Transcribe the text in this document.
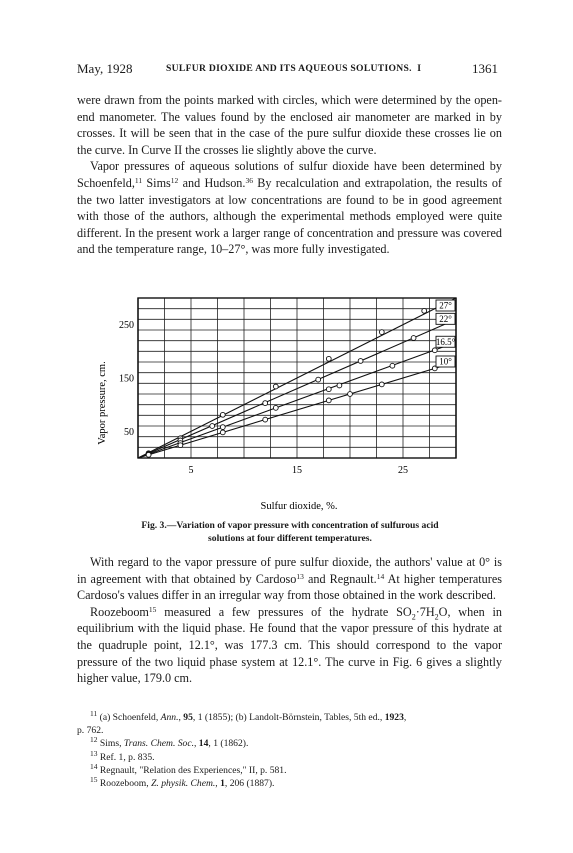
May, 1928	SULFUR DIOXIDE AND ITS AQUEOUS SOLUTIONS. I	1361

were drawn from the points marked with circles, which were determined by the open-end manometer. The values found by the enclosed air manometer are marked in by crosses. It will be seen that in the case of the pure sulfur dioxide these crosses lie on the curve. In Curve II the crosses lie slightly above the curve.

Vapor pressures of aqueous solutions of sulfur dioxide have been determined by Schoenfeld,$^{11}$ Sims$^{12}$ and Hudson.$^{36}$ By recalculation and extrapolation, the results of the two latter investigators at low concentrations are found to be in good agreement with those of the authors, although the experimental methods employed were quite different. In the present work a larger range of concentration and pressure was covered and the temperature range, 10–27°, was more fully investigated.

5	15	25
50
150
250
27°
22°
16.5°
10°
Vapor pressure, cm.
Sulfur dioxide, %.
Fig. 3.—Variation of vapor pressure with concentration of sulfurous acid
solutions at four different temperatures.

With regard to the vapor pressure of pure sulfur dioxide, the authors' value at 0° is in agreement with that obtained by Cardoso$^{13}$ and Regnault.$^{14}$ At higher temperatures Cardoso's values differ in an irregular way from those obtained in the work described.

Roozeboom$^{15}$ measured a few pressures of the hydrate $SO_2\cdot 7H_2O$, when in equilibrium with the liquid phase. He found that the vapor pressure of this hydrate at the quadruple point, 12.1°, was 177.3 cm. This should correspond to the vapor pressure of the two liquid phase system at 12.1°. The curve in Fig. 6 gives a slightly higher value, 179.0 cm.

$^{11}$ (a) Schoenfeld, Ann., 95, 1 (1855); (b) Landolt-Börnstein, Tables, 5th ed., 1923,

p. 762.

$^{12}$ Sims, Trans. Chem. Soc., 14, 1 (1862).

$^{13}$ Ref. 1, p. 835.

$^{14}$ Regnault, "Relation des Experiences," II, p. 581.

$^{15}$ Roozeboom, Z. physik. Chem., 1, 206 (1887).
